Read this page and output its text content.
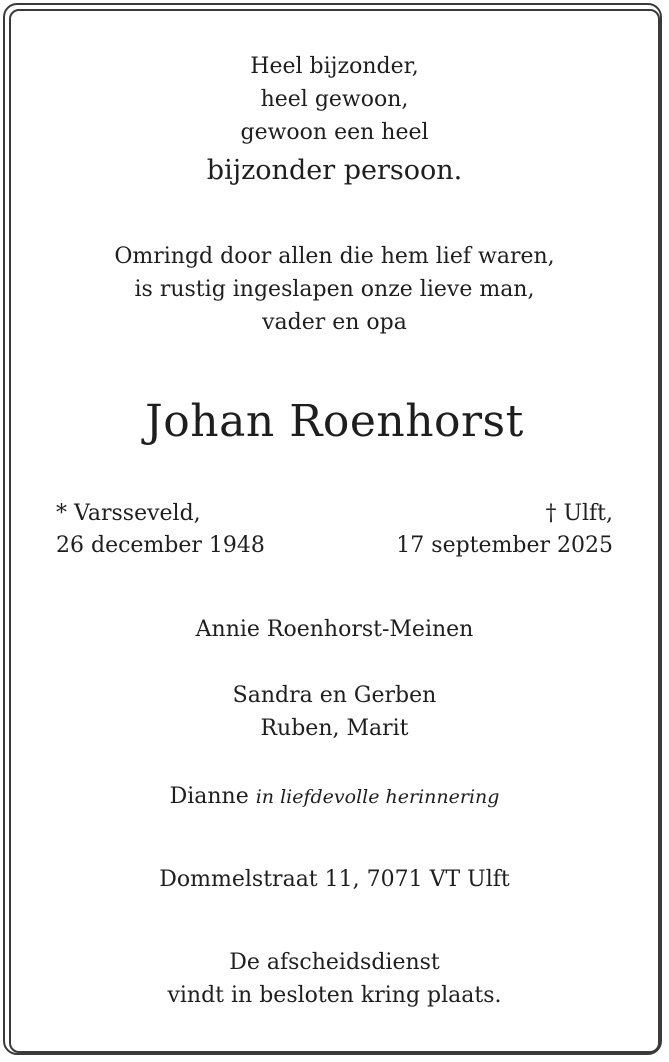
Heel bijzonder,
heel gewoon,
gewoon een heel
bijzonder persoon.
Omringd door allen die hem lief waren,
is rustig ingeslapen onze lieve man,
vader en opa
Johan Roenhorst
* Varsseveld,
26 december 1948
† Ulft,
17 september 2025
Annie Roenhorst-Meinen
Sandra en Gerben
Ruben, Marit
Dianne in liefdevolle herinnering
Dommelstraat 11, 7071 VT Ulft
De afscheidsdienst
vindt in besloten kring plaats.
